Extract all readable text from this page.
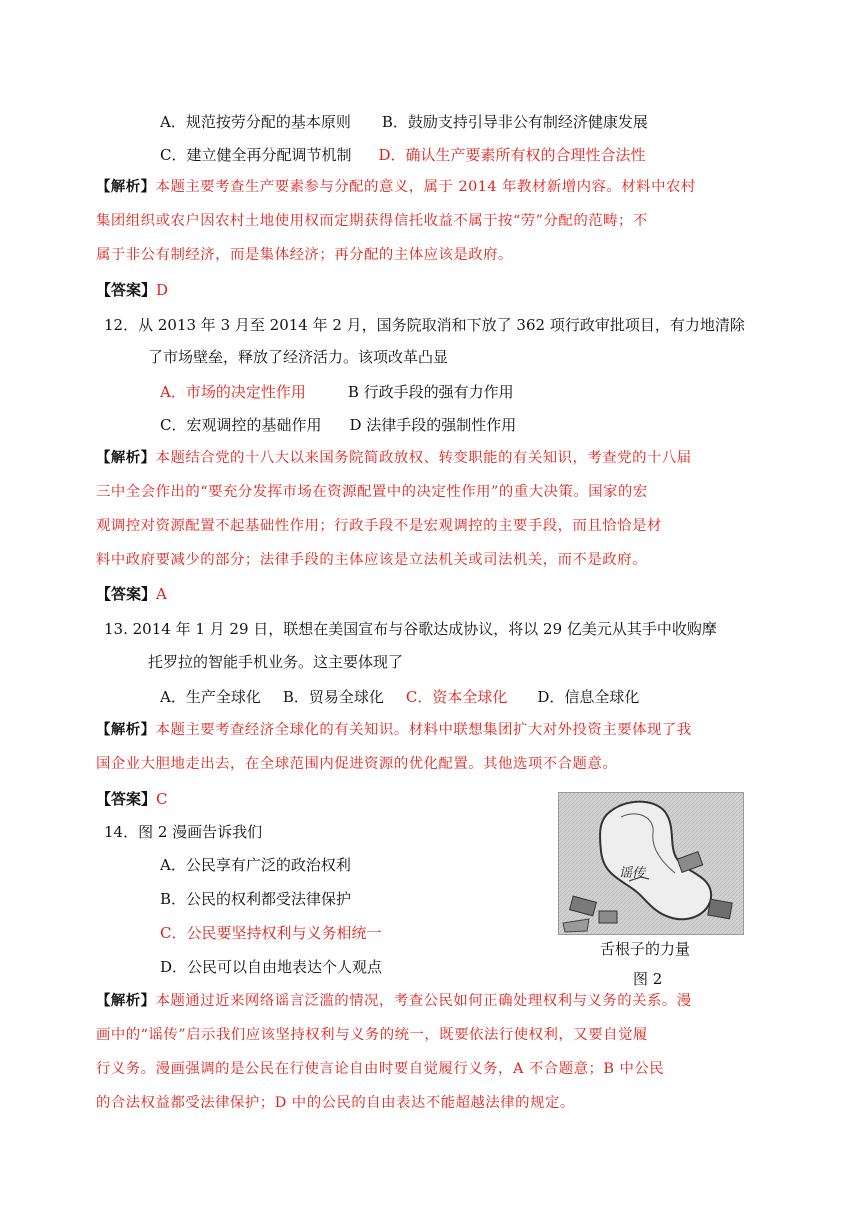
A．规范按劳分配的基本原则 B．鼓励支持引导非公有制经济健康发展
C．建立健全再分配调节机制 D．确认生产要素所有权的合理性合法性
【解析】本题主要考查生产要素参与分配的意义，属于 2014 年教材新增内容。材料中农村
集团组织或农户因农村土地使用权而定期获得信托收益不属于按“劳”分配的范畴；不
属于非公有制经济，而是集体经济；再分配的主体应该是政府。
【答案】D
12．从 2013 年 3 月至 2014 年 2 月，国务院取消和下放了 362 项行政审批项目，有力地清除
了市场壁垒，释放了经济活力。该项改革凸显
A．市场的决定性作用	B 行政手段的强有力作用
C．宏观调控的基础作用 D 法律手段的强制性作用
【解析】本题结合党的十八大以来国务院简政放权、转变职能的有关知识，考查党的十八届
三中全会作出的“要充分发挥市场在资源配置中的决定性作用”的重大决策。国家的宏
观调控对资源配置不起基础性作用；行政手段不是宏观调控的主要手段，而且恰恰是材
料中政府要减少的部分；法律手段的主体应该是立法机关或司法机关，而不是政府。
【答案】A
13. 2014 年 1 月 29 日，联想在美国宣布与谷歌达成协议，将以 29 亿美元从其手中收购摩
托罗拉的智能手机业务。这主要体现了
A．生产全球化 B．贸易全球化 C．资本全球化 D．信息全球化
【解析】本题主要考查经济全球化的有关知识。材料中联想集团扩大对外投资主要体现了我
国企业大胆地走出去，在全球范围内促进资源的优化配置。其他选项不合题意。
【答案】C
14．图 2 漫画告诉我们
A．公民享有广泛的政治权利
B．公民的权利都受法律保护
C．公民要坚持权利与义务相统一
D．公民可以自由地表达个人观点
谣传
舌根子的力量
图 2
【解析】本题通过近来网络谣言泛滥的情况，考查公民如何正确处理权利与义务的关系。漫
画中的“谣传”启示我们应该坚持权利与义务的统一，既要依法行使权利，又要自觉履
行义务。漫画强调的是公民在行使言论自由时要自觉履行义务，A 不合题意；B 中公民
的合法权益都受法律保护；D 中的公民的自由表达不能超越法律的规定。
